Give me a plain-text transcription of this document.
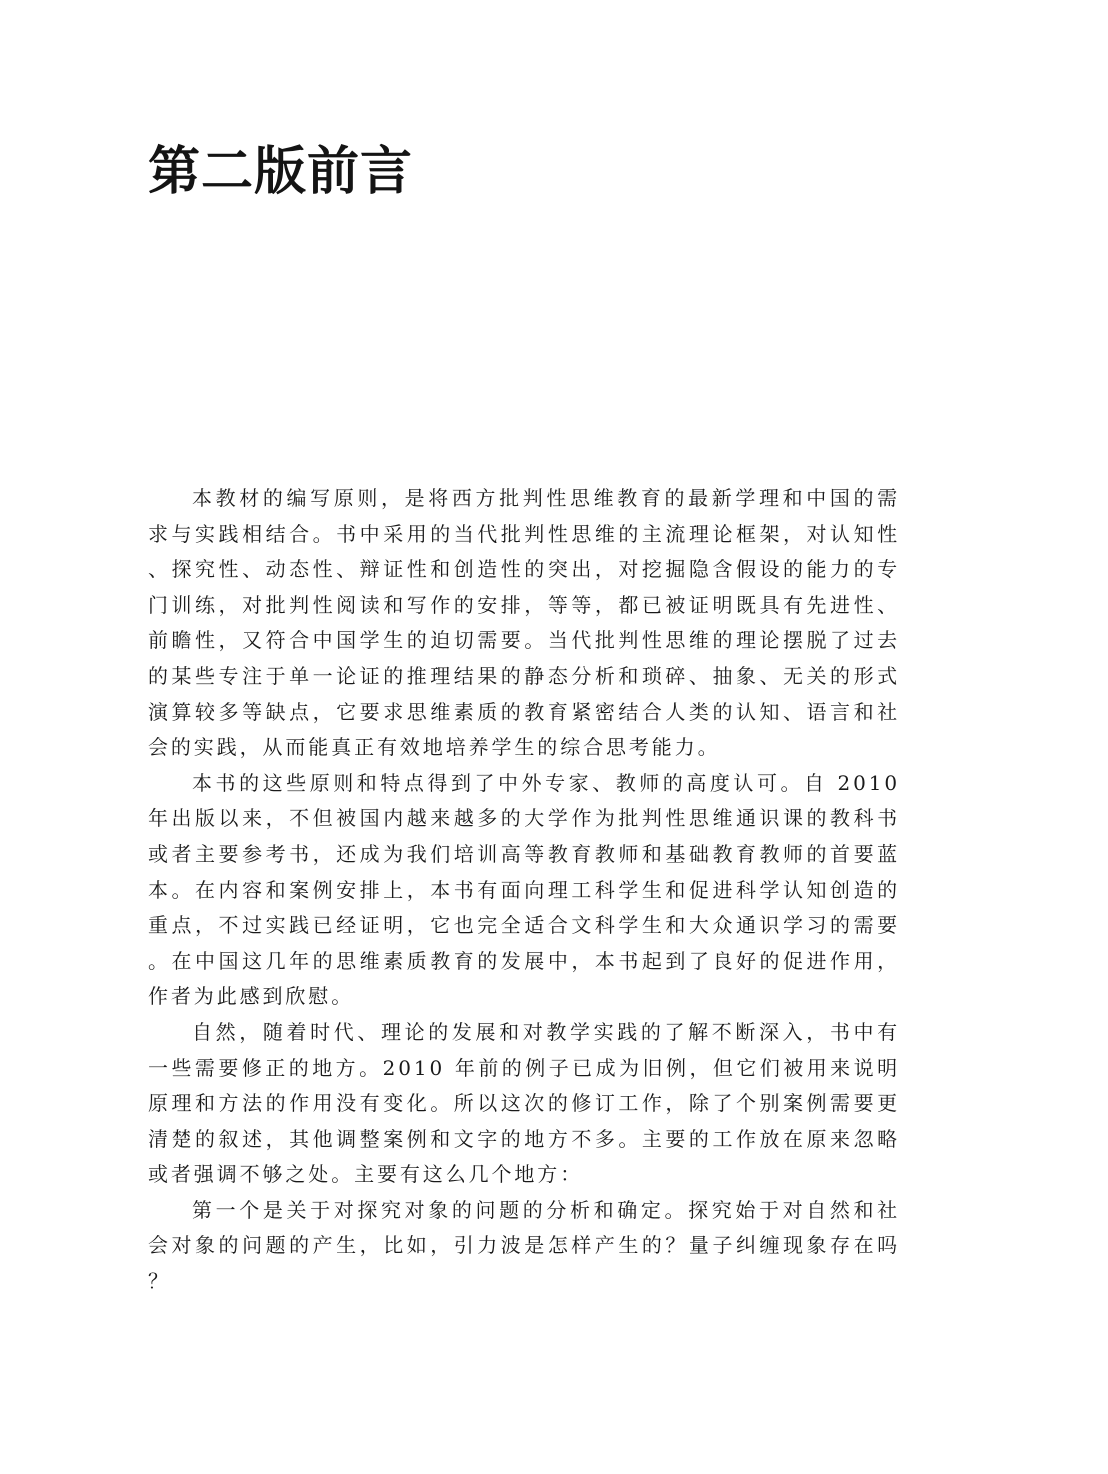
第二版前言

本教材的编写原则，是将西方批判性思维教育的最新学理和中国的需求与实践相结合。书中采用的当代批判性思维的主流理论框架，对认知性、探究性、动态性、辩证性和创造性的突出，对挖掘隐含假设的能力的专门训练，对批判性阅读和写作的安排，等等，都已被证明既具有先进性、前瞻性，又符合中国学生的迫切需要。当代批判性思维的理论摆脱了过去的某些专注于单一论证的推理结果的静态分析和琐碎、抽象、无关的形式演算较多等缺点，它要求思维素质的教育紧密结合人类的认知、语言和社会的实践，从而能真正有效地培养学生的综合思考能力。

本书的这些原则和特点得到了中外专家、教师的高度认可。自 2010 年出版以来，不但被国内越来越多的大学作为批判性思维通识课的教科书或者主要参考书，还成为我们培训高等教育教师和基础教育教师的首要蓝本。在内容和案例安排上，本书有面向理工科学生和促进科学认知创造的重点，不过实践已经证明，它也完全适合文科学生和大众通识学习的需要。在中国这几年的思维素质教育的发展中，本书起到了良好的促进作用，作者为此感到欣慰。

自然，随着时代、理论的发展和对教学实践的了解不断深入，书中有一些需要修正的地方。2010 年前的例子已成为旧例，但它们被用来说明原理和方法的作用没有变化。所以这次的修订工作，除了个别案例需要更清楚的叙述，其他调整案例和文字的地方不多。主要的工作放在原来忽略或者强调不够之处。主要有这么几个地方：

第一个是关于对探究对象的问题的分析和确定。探究始于对自然和社会对象的问题的产生，比如，引力波是怎样产生的？量子纠缠现象存在吗？
